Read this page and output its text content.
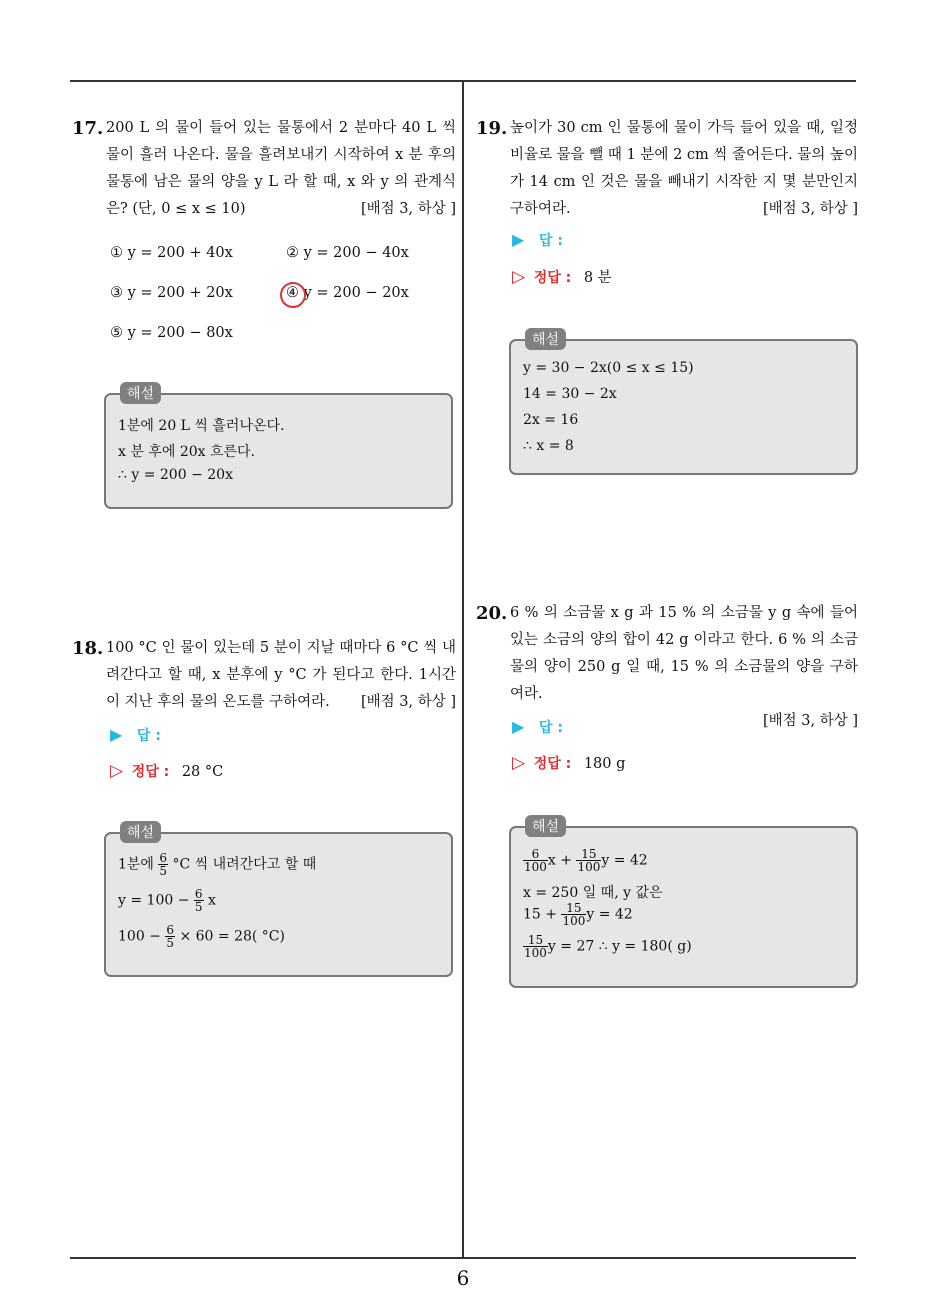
17. 200 L 의 물이 들어 있는 물통에서 2 분마다 40 L 씩 물이 흘러 나온다. 물을 흘려보내기 시작하여 x 분 후의 물통에 남은 물의 양을 y L 라 할 때, x 와 y 의 관계식은? (단, 0 ≤ x ≤ 10)	[배점 3, 하상 ]
① y = 200 + 40x	② y = 200 − 40x
③ y = 200 + 20x	④ y = 200 − 20x
⑤ y = 200 − 80x
해설
1분에 20 L 씩 흘러나온다.
x 분 후에 20x 흐른다.
∴ y = 200 − 20x
18. 100 °C 인 물이 있는데 5 분이 지날 때마다 6 °C 씩 내려간다고 할 때, x 분후에 y °C 가 된다고 한다. 1시간이 지난 후의 물의 온도를 구하여라.	[배점 3, 하상 ]
▶ 답 :
▷ 정답 : 28 °C
해설
1분에 $\frac{6}{5} ^\circ C$ 씩 내려간다고 할 때
$y = 100 - \frac{6}{5}$ x
$100 - \frac{6}{5} \times 60 = 28$( °C)
19. 높이가 30 cm 인 물통에 물이 가득 들어 있을 때, 일정비율로 물을 뺄 때 1 분에 2 cm 씩 줄어든다. 물의 높이가 14 cm 인 것은 물을 빼내기 시작한 지 몇 분만인지 구하여라.	[배점 3, 하상 ]
▶ 답 :
▷ 정답 : 8 분
해설
y = 30 − 2x(0 ≤ x ≤ 15)
14 = 30 − 2x
2x = 16
∴ x = 8
20. 6 % 의 소금물 x g 과 15 % 의 소금물 y g 속에 들어 있는 소금의 양의 합이 42 g 이라고 한다. 6 % 의 소금물의 양이 250 g 일 때, 15 % 의 소금물의 양을 구하여라.
[배점 3, 하상 ]
▶ 답 :
▷ 정답 : 180 g
해설
$\frac{6}{100}$ $x + \frac{15}{100}$ y = 42
x = 250 일 때, y 값은
$15 + \frac{15}{100}$ y = 42
$\frac{15}{100}$ y = 27 ∴ y = 180( g)
6
